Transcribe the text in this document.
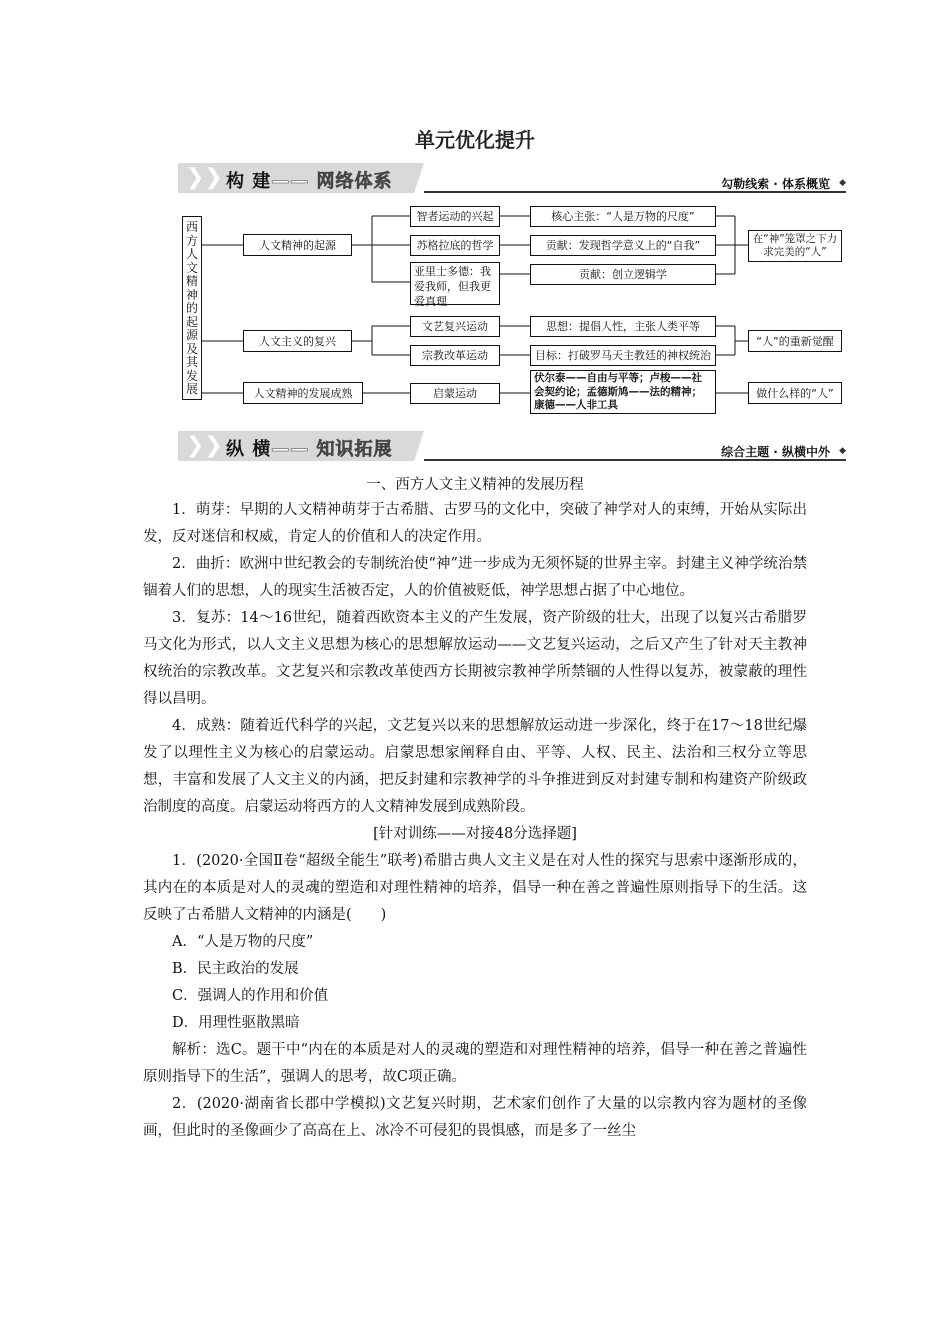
单元优化提升
❯❯ 构 建—— 网络体系	勾勒线索 · 体系概览 ◆
西方人文精神的起源及其发展
人文精神的起源
人文主义的复兴
人文精神的发展成熟
智者运动的兴起
苏格拉底的哲学
亚里士多德：我爱我师，但我更爱真理
文艺复兴运动
宗教改革运动
启蒙运动
核心主张：“人是万物的尺度”
贡献：发现哲学意义上的“自我”
贡献：创立逻辑学
思想：提倡人性，主张人类平等
目标：打破罗马天主教廷的神权统治
伏尔泰——自由与平等；卢梭——社会契约论；孟德斯鸠——法的精神；康德——人非工具
在“神”笼罩之下力求完美的“人”
“人”的重新觉醒
做什么样的“人”
❯❯ 纵 横—— 知识拓展	综合主题 · 纵横中外 ◆
一、西方人文主义精神的发展历程

1．萌芽：早期的人文精神萌芽于古希腊、古罗马的文化中，突破了神学对人的束缚，开始从实际出发，反对迷信和权威，肯定人的价值和人的决定作用。

2．曲折：欧洲中世纪教会的专制统治使“神”进一步成为无须怀疑的世界主宰。封建主义神学统治禁锢着人们的思想，人的现实生活被否定，人的价值被贬低，神学思想占据了中心地位。

3．复苏：14～16世纪，随着西欧资本主义的产生发展，资产阶级的壮大，出现了以复兴古希腊罗马文化为形式，以人文主义思想为核心的思想解放运动——文艺复兴运动，之后又产生了针对天主教神权统治的宗教改革。文艺复兴和宗教改革使西方长期被宗教神学所禁锢的人性得以复苏，被蒙蔽的理性得以昌明。

4．成熟：随着近代科学的兴起，文艺复兴以来的思想解放运动进一步深化，终于在17～18世纪爆发了以理性主义为核心的启蒙运动。启蒙思想家阐释自由、平等、人权、民主、法治和三权分立等思想，丰富和发展了人文主义的内涵，把反封建和宗教神学的斗争推进到反对封建专制和构建资产阶级政治制度的高度。启蒙运动将西方的人文精神发展到成熟阶段。

[针对训练——对接48分选择题]

1．(2020·全国Ⅱ卷“超级全能生”联考)希腊古典人文主义是在对人性的探究与思索中逐渐形成的，其内在的本质是对人的灵魂的塑造和对理性精神的培养，倡导一种在善之普遍性原则指导下的生活。这反映了古希腊人文精神的内涵是(　　)

A．“人是万物的尺度”

B．民主政治的发展

C．强调人的作用和价值

D．用理性驱散黑暗

解析：选C。题干中“内在的本质是对人的灵魂的塑造和对理性精神的培养，倡导一种在善之普遍性原则指导下的生活”，强调人的思考，故C项正确。

2．(2020·湖南省长郡中学模拟)文艺复兴时期，艺术家们创作了大量的以宗教内容为题材的圣像画，但此时的圣像画少了高高在上、冰冷不可侵犯的畏惧感，而是多了一丝尘
